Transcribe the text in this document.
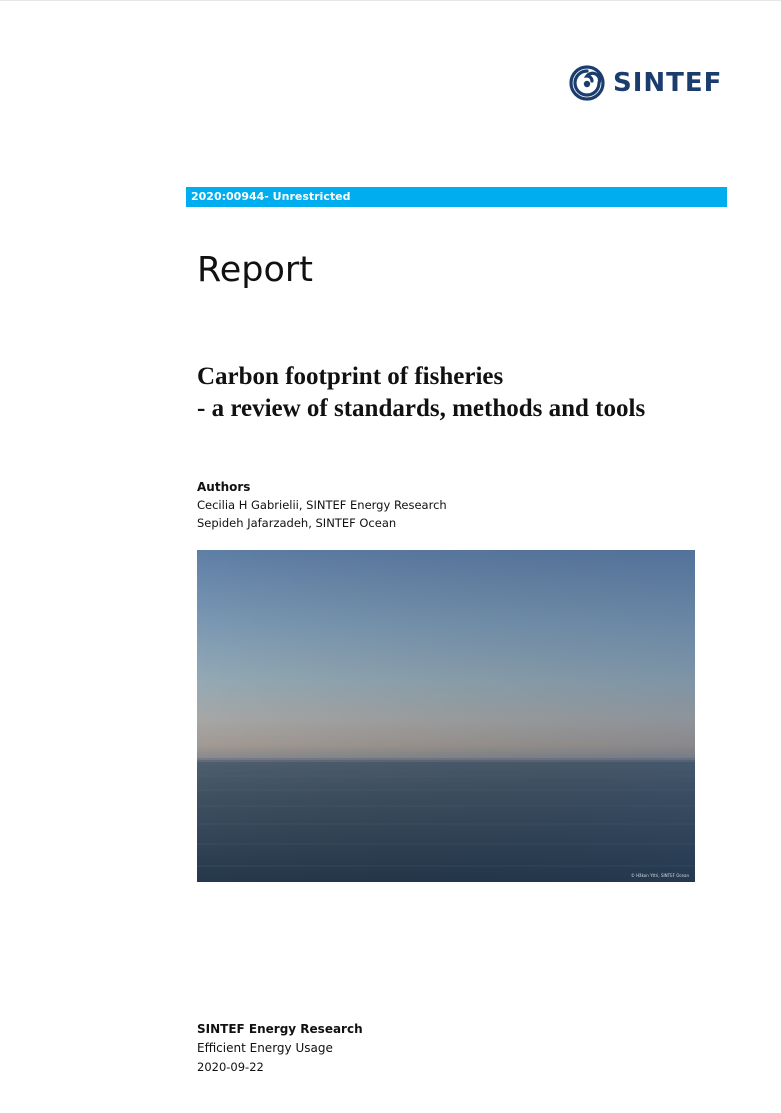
SINTEF
2020:00944- Unrestricted
Report
Carbon footprint of fisheries
- a review of standards, methods and tools
Authors
Cecilia H Gabrielii, SINTEF Energy Research
Sepideh Jafarzadeh, SINTEF Ocean
© Håkon Yttri, SINTEF Ocean
SINTEF Energy Research
Efficient Energy Usage
2020-09-22
